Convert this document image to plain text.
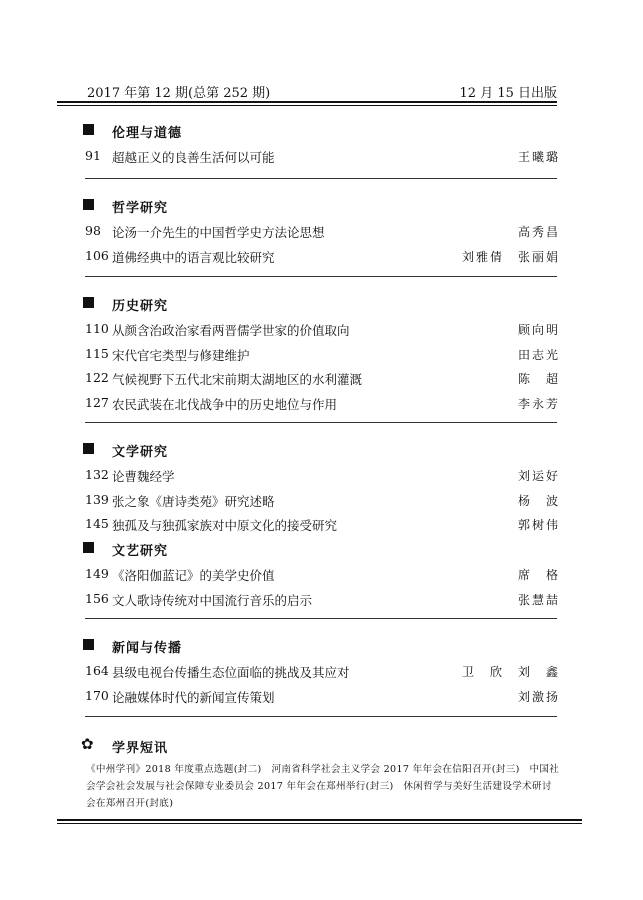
2017 年第 12 期(总第 252 期)	12 月 15 日出版
伦理与道德
91 超越正义的良善生活何以可能	王曦璐
哲学研究
98 论汤一介先生的中国哲学史方法论思想	高秀昌
106 道佛经典中的语言观比较研究	刘雅倩　张丽娟
历史研究
110 从颜含治政治家看两晋儒学世家的价值取向	顾向明
115 宋代官宅类型与修建维护	田志光
122 气候视野下五代北宋前期太湖地区的水利灌溉	陈　超
127 农民武装在北伐战争中的历史地位与作用	李永芳
文学研究
132 论曹魏经学	刘运好
139 张之象《唐诗类苑》研究述略	杨　波
145 独孤及与独孤家族对中原文化的接受研究	郭树伟
文艺研究
149 《洛阳伽蓝记》的美学史价值	席　格
156 文人歌诗传统对中国流行音乐的启示	张慧喆
新闻与传播
164 县级电视台传播生态位面临的挑战及其应对	卫　欣　刘　鑫
170 论融媒体时代的新闻宣传策划	刘激扬
✿ 学界短讯
《中州学刊》2018 年度重点选题(封二)　河南省科学社会主义学会 2017 年年会在信阳召开(封三)　中国社会学会社会发展与社会保障专业委员会 2017 年年会在郑州举行(封三)　休闲哲学与美好生活建设学术研讨会在郑州召开(封底)
